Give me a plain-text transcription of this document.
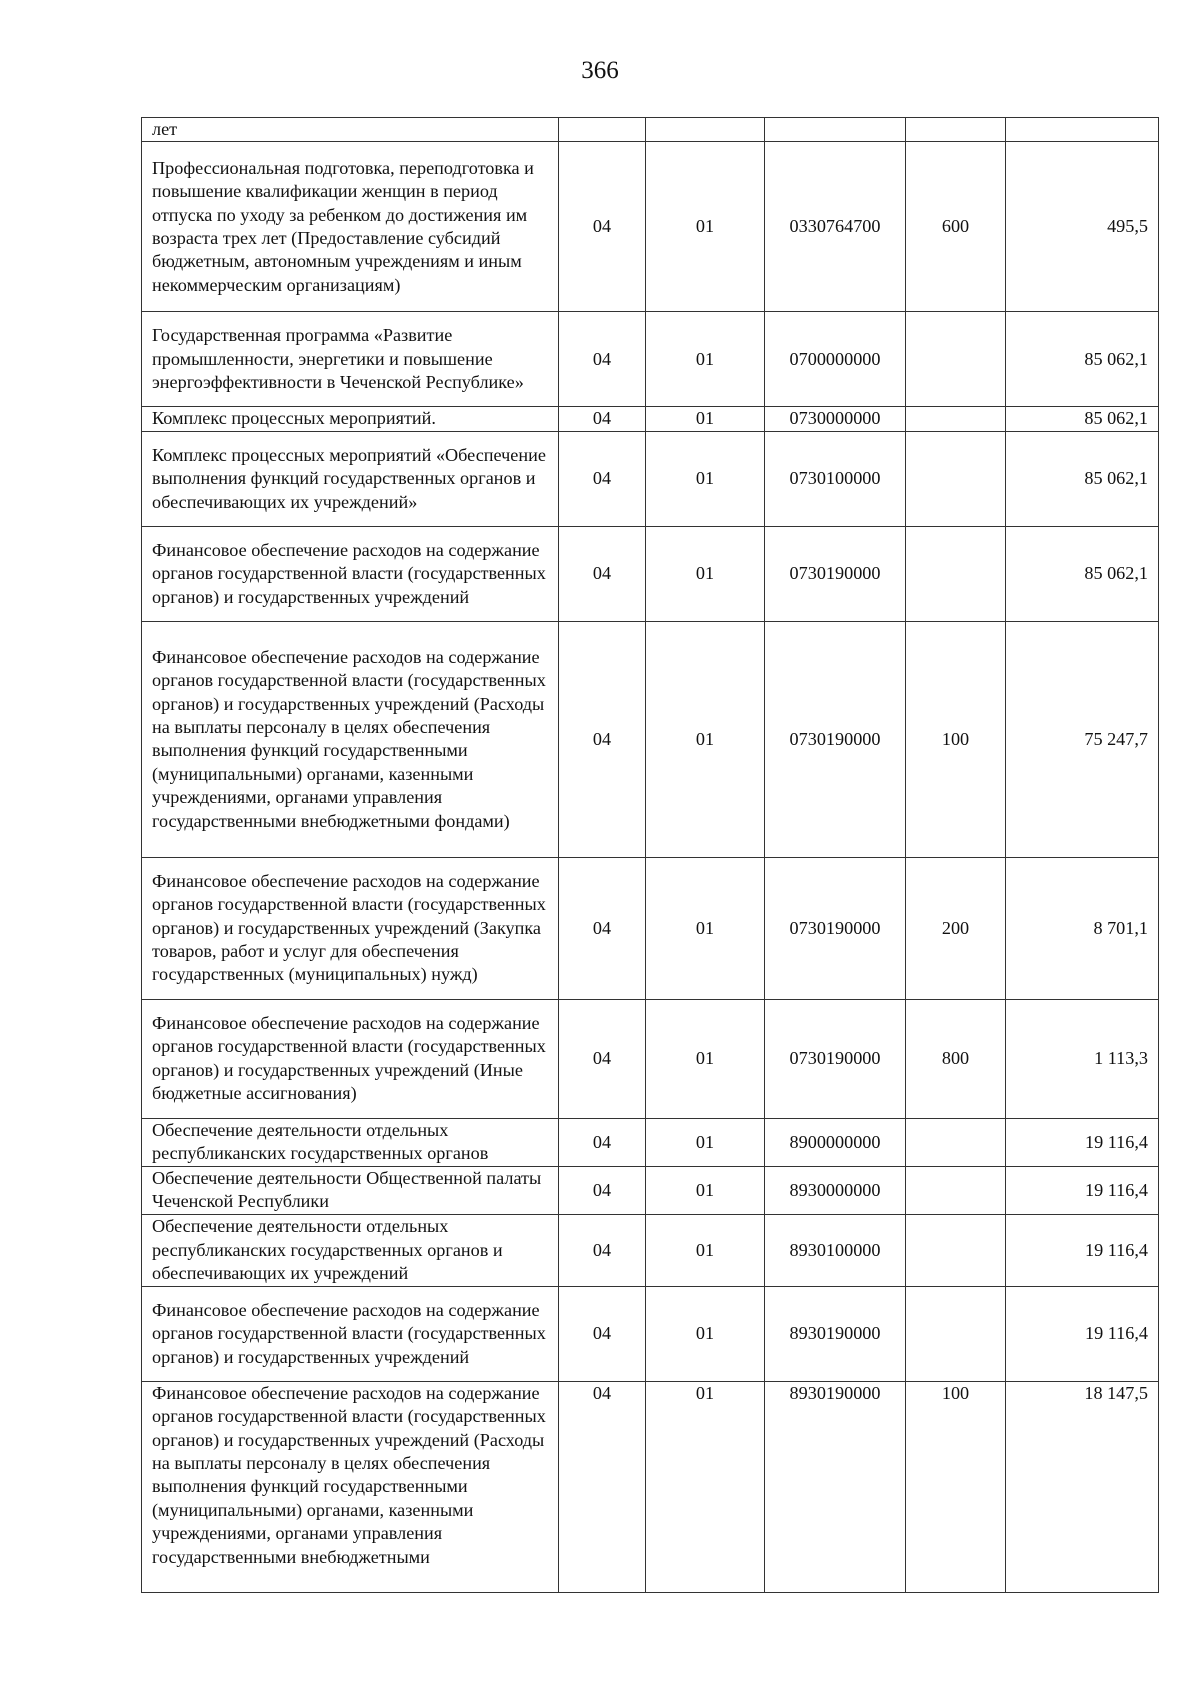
366
лет					
Профессиональная подготовка, переподготовка и повышение квалификации женщин в период отпуска по уходу за ребенком до достижения им возраста трех лет (Предоставление субсидий бюджетным, автономным учреждениям и иным некоммерческим организациям)	04	01	0330764700	600	495,5
Государственная программа «Развитие промышленности, энергетики и повышение энергоэффективности в Чеченской Республике»	04	01	0700000000		85 062,1
Комплекс процессных мероприятий.	04	01	0730000000		85 062,1
Комплекс процессных мероприятий «Обеспечение выполнения функций государственных органов и обеспечивающих их учреждений»	04	01	0730100000		85 062,1
Финансовое обеспечение расходов на содержание органов государственной власти (государственных органов) и государственных учреждений	04	01	0730190000		85 062,1
Финансовое обеспечение расходов на содержание органов государственной власти (государственных органов) и государственных учреждений (Расходы на выплаты персоналу в целях обеспечения выполнения функций государственными (муниципальными) органами, казенными учреждениями, органами управления государственными внебюджетными фондами)	04	01	0730190000	100	75 247,7
Финансовое обеспечение расходов на содержание органов государственной власти (государственных органов) и государственных учреждений (Закупка товаров, работ и услуг для обеспечения государственных (муниципальных) нужд)	04	01	0730190000	200	8 701,1
Финансовое обеспечение расходов на содержание органов государственной власти (государственных органов) и государственных учреждений (Иные бюджетные ассигнования)	04	01	0730190000	800	1 113,3
Обеспечение деятельности отдельных республиканских государственных органов	04	01	8900000000		19 116,4
Обеспечение деятельности Общественной палаты Чеченской Республики	04	01	8930000000		19 116,4
Обеспечение деятельности отдельных республиканских государственных органов и обеспечивающих их учреждений	04	01	8930100000		19 116,4
Финансовое обеспечение расходов на содержание органов государственной власти (государственных органов) и государственных учреждений	04	01	8930190000		19 116,4
Финансовое обеспечение расходов на содержание органов государственной власти (государственных органов) и государственных учреждений (Расходы на выплаты персоналу в целях обеспечения выполнения функций государственными (муниципальными) органами, казенными учреждениями, органами управления государственными внебюджетными	04	01	8930190000	100	18 147,5
